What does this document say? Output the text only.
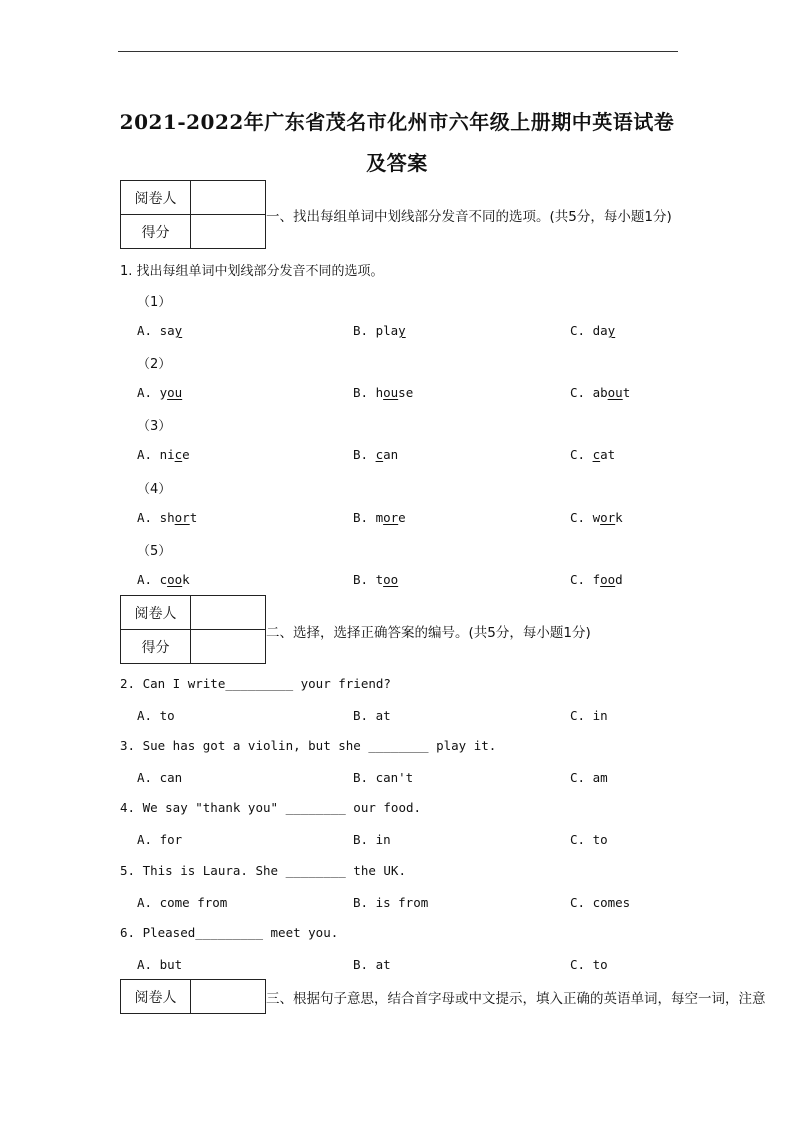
2021-2022年广东省茂名市化州市六年级上册期中英语试卷
及答案
阅卷人	
得分	
一、找出每组单词中划线部分发音不同的选项。(共5分，每小题1分)
1. 找出每组单词中划线部分发音不同的选项。
（1）
A. say	B. play	C. day
（2）
A. you	B. house	C. about
（3）
A. nice	B. can	C. cat
（4）
A. short	B. more	C. work
（5）
A. cook	B. too	C. food
阅卷人	
得分	
二、选择，选择正确答案的编号。(共5分，每小题1分)
2. Can I write_________ your friend?
A. to	B. at	C. in
3. Sue has got a violin, but she ________ play it.
A. can	B. can't	C. am
4. We say "thank you" ________ our food.
A. for	B. in	C. to
5. This is Laura. She ________ the UK.
A. come from	B. is from	C. comes
6. Pleased_________ meet you.
A. but	B. at	C. to
阅卷人		三、根据句子意思，结合首字母或中文提示，填入正确的英语单词，每空一词，注意
